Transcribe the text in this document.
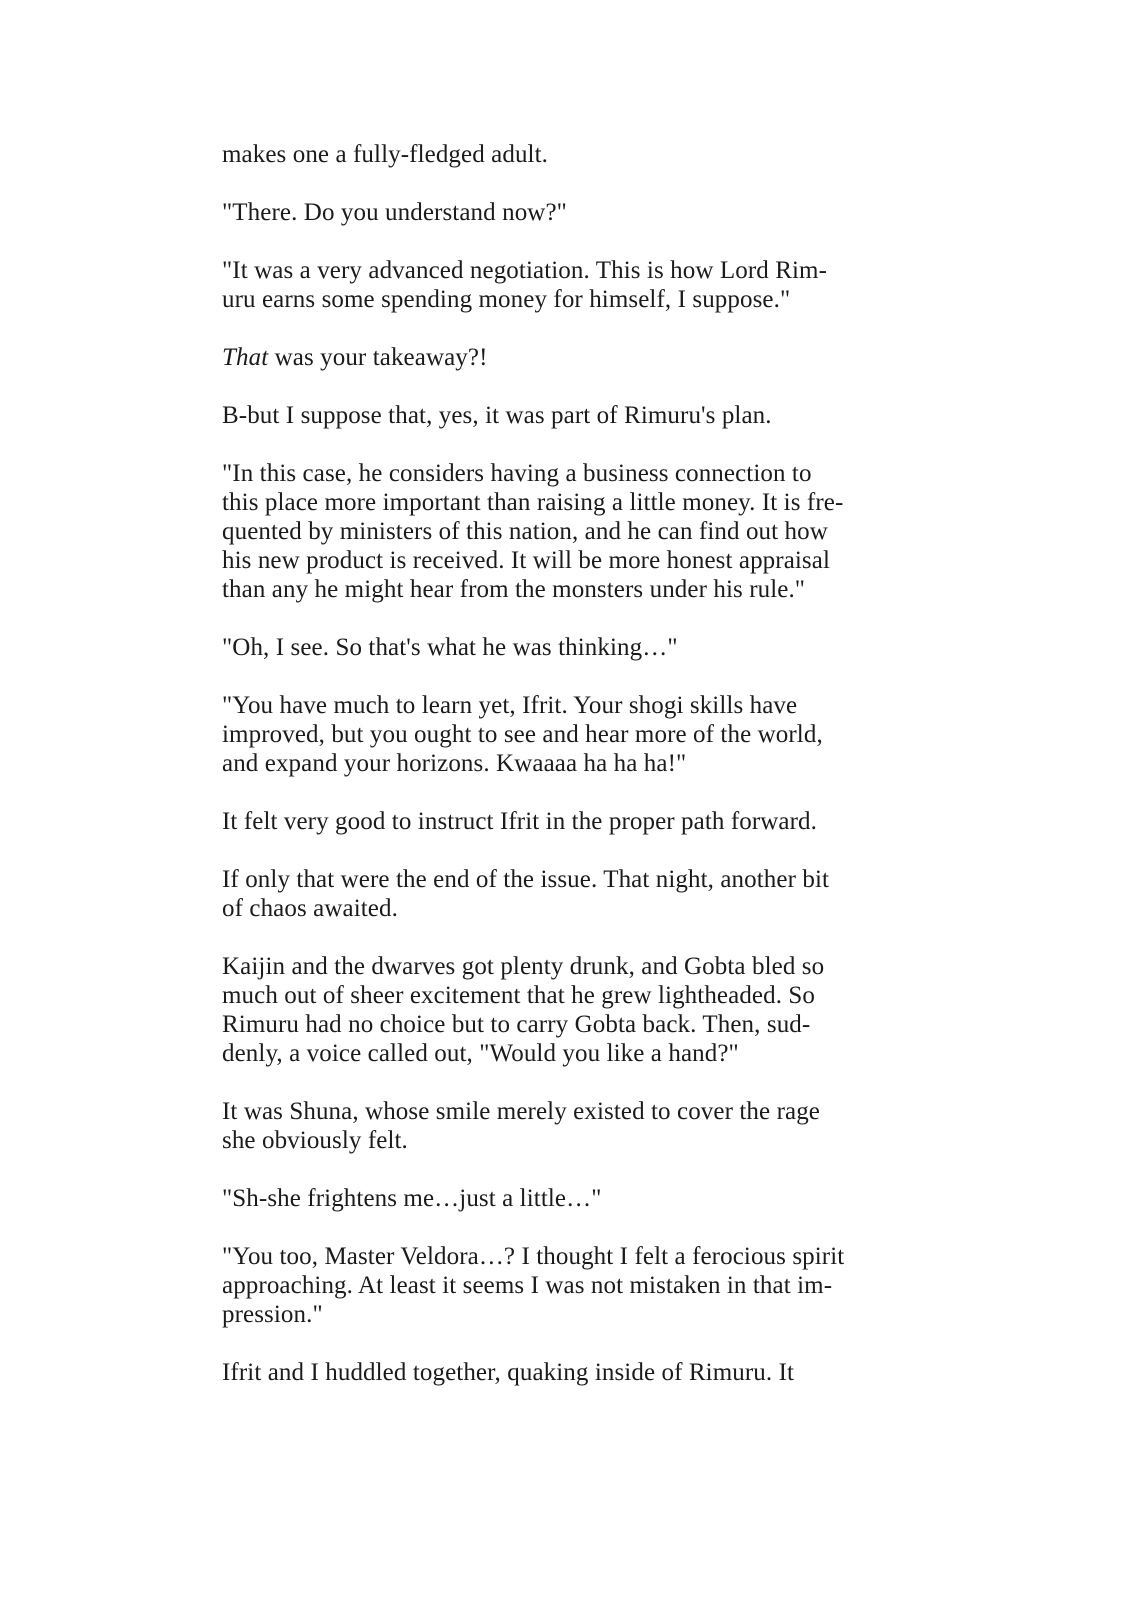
makes one a fully-fledged adult.

"There. Do you understand now?"

"It was a very advanced negotiation. This is how Lord Rim-
uru earns some spending money for himself, I suppose."

That was your takeaway?!

B-but I suppose that, yes, it was part of Rimuru's plan.

"In this case, he considers having a business connection to
this place more important than raising a little money. It is fre-
quented by ministers of this nation, and he can find out how
his new product is received. It will be more honest appraisal
than any he might hear from the monsters under his rule."

"Oh, I see. So that's what he was thinking…"

"You have much to learn yet, Ifrit. Your shogi skills have
improved, but you ought to see and hear more of the world,
and expand your horizons. Kwaaaa ha ha ha!"

It felt very good to instruct Ifrit in the proper path forward.

If only that were the end of the issue. That night, another bit
of chaos awaited.

Kaijin and the dwarves got plenty drunk, and Gobta bled so
much out of sheer excitement that he grew lightheaded. So
Rimuru had no choice but to carry Gobta back. Then, sud-
denly, a voice called out, "Would you like a hand?"

It was Shuna, whose smile merely existed to cover the rage
she obviously felt.

"Sh-she frightens me…just a little…"

"You too, Master Veldora…? I thought I felt a ferocious spirit
approaching. At least it seems I was not mistaken in that im-
pression."

Ifrit and I huddled together, quaking inside of Rimuru. It
